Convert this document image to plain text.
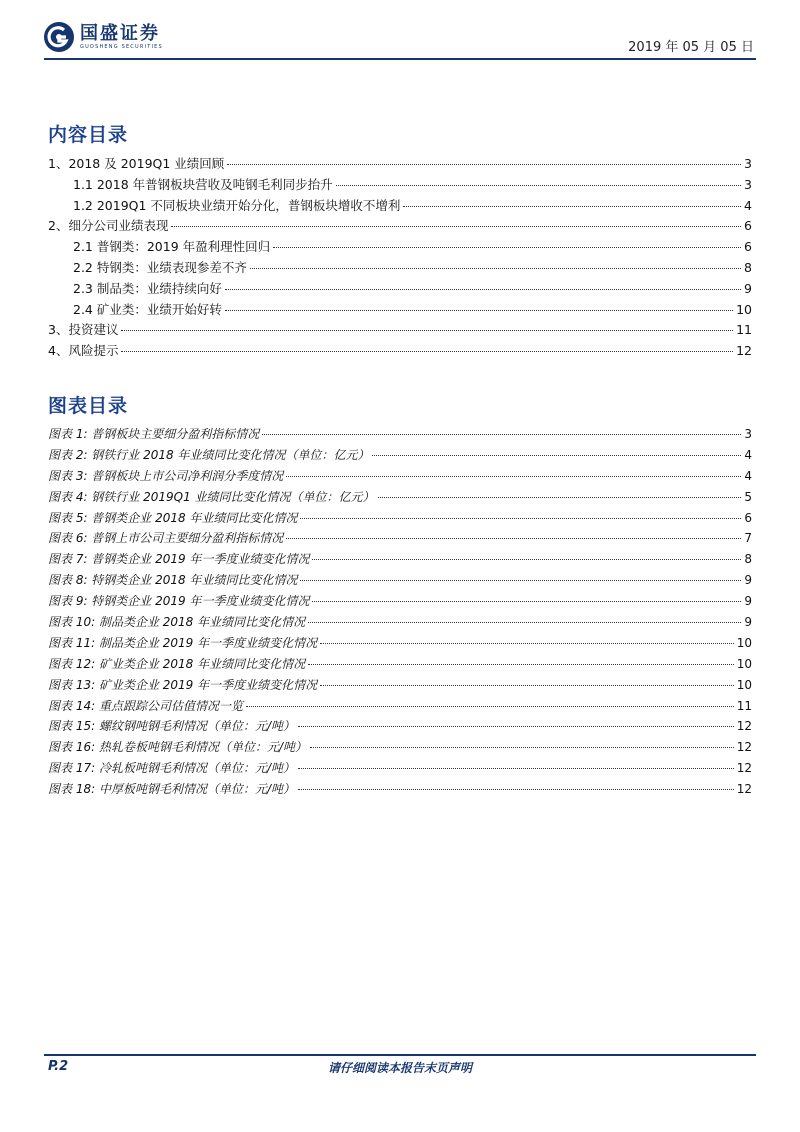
国盛证券
GUOSHENG SECURITIES	2019 年 05 月 05 日
内容目录
1、2018 及 2019Q1 业绩回顾	3
1.1 2018 年普钢板块营收及吨钢毛利同步抬升	3
1.2 2019Q1 不同板块业绩开始分化，普钢板块增收不增利	4
2、细分公司业绩表现	6
2.1 普钢类：2019 年盈利理性回归	6
2.2 特钢类：业绩表现参差不齐	8
2.3 制品类：业绩持续向好	9
2.4 矿业类：业绩开始好转	10
3、投资建议	11
4、风险提示	12
图表目录
图表 1: 普钢板块主要细分盈利指标情况	3
图表 2: 钢铁行业 2018 年业绩同比变化情况（单位：亿元）	4
图表 3: 普钢板块上市公司净利润分季度情况	4
图表 4: 钢铁行业 2019Q1 业绩同比变化情况（单位：亿元）	5
图表 5: 普钢类企业 2018 年业绩同比变化情况	6
图表 6: 普钢上市公司主要细分盈利指标情况	7
图表 7: 普钢类企业 2019 年一季度业绩变化情况	8
图表 8: 特钢类企业 2018 年业绩同比变化情况	9
图表 9: 特钢类企业 2019 年一季度业绩变化情况	9
图表 10: 制品类企业 2018 年业绩同比变化情况	9
图表 11: 制品类企业 2019 年一季度业绩变化情况	10
图表 12: 矿业类企业 2018 年业绩同比变化情况	10
图表 13: 矿业类企业 2019 年一季度业绩变化情况	10
图表 14: 重点跟踪公司估值情况一览	11
图表 15: 螺纹钢吨钢毛利情况（单位：元/吨）	12
图表 16: 热轧卷板吨钢毛利情况（单位：元/吨）	12
图表 17: 冷轧板吨钢毛利情况（单位：元/吨）	12
图表 18: 中厚板吨钢毛利情况（单位：元/吨）	12
P.2	请仔细阅读本报告末页声明
